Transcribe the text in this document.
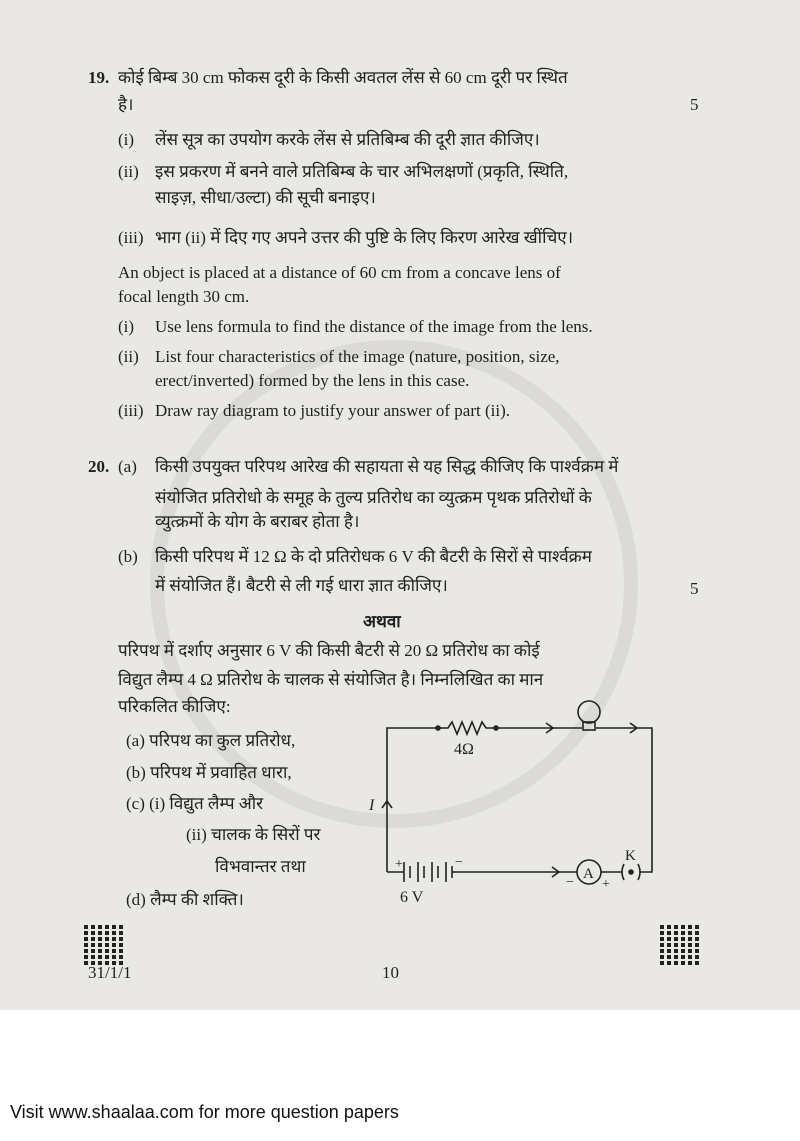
19. कोई बिम्ब 30 cm फोकस दूरी के किसी अवतल लेंस से 60 cm दूरी पर स्थित
है।	5
(i) लेंस सूत्र का उपयोग करके लेंस से प्रतिबिम्ब की दूरी ज्ञात कीजिए।
(ii) इस प्रकरण में बनने वाले प्रतिबिम्ब के चार अभिलक्षणों (प्रकृति, स्थिति,
साइज़, सीधा/उल्टा) की सूची बनाइए।
(iii) भाग (ii) में दिए गए अपने उत्तर की पुष्टि के लिए किरण आरेख खींचिए।
An object is placed at a distance of 60 cm from a concave lens of
focal length 30 cm.
(i) Use lens formula to find the distance of the image from the lens.
(ii) List four characteristics of the image (nature, position, size,
erect/inverted) formed by the lens in this case.
(iii) Draw ray diagram to justify your answer of part (ii).
20. (a) किसी उपयुक्त परिपथ आरेख की सहायता से यह सिद्ध कीजिए कि पार्श्वक्रम में
संयोजित प्रतिरोधो के समूह के तुल्य प्रतिरोध का व्युत्क्रम पृथक प्रतिरोधों के
व्युत्क्रमों के योग के बराबर होता है।
(b) किसी परिपथ में 12 Ω के दो प्रतिरोधक 6 V की बैटरी के सिरों से पार्श्वक्रम
में संयोजित हैं। बैटरी से ली गई धारा ज्ञात कीजिए।	5
अथवा
परिपथ में दर्शाए अनुसार 6 V की किसी बैटरी से 20 Ω प्रतिरोध का कोई
विद्युत लैम्प 4 Ω प्रतिरोध के चालक से संयोजित है। निम्नलिखित का मान
परिकलित कीजिए:
(a) परिपथ का कुल प्रतिरोध,
(b) परिपथ में प्रवाहित धारा,
(c) (i) विद्युत लैम्प और
(ii) चालक के सिरों पर
विभवान्तर तथा
(d) लैम्प की शक्ति।
4Ω
6 V
I
A
K
+	−
− +
31/1/1	10
Visit www.shaalaa.com for more question papers
